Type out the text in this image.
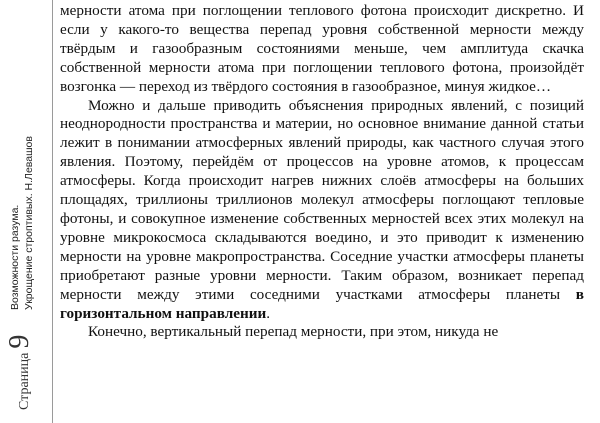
Страница
9
Возможности разума. Укрощение строптивых. Н.Левашов

мерности атома при поглощении теплового фотона происходит дискретно. И если у какого-то вещества перепад уровня собственной мерности между твёрдым и газообразным состояниями меньше, чем амплитуда скачка собственной мерности атома при поглощении теплового фотона, произойдёт возгонка — переход из твёрдого состояния в газообразное, минуя жидкое…

Можно и дальше приводить объяснения природных явлений, с позиций неоднородности пространства и материи, но основное внимание данной статьи лежит в понимании атмосферных явлений природы, как частного случая этого явления. Поэтому, перейдём от процессов на уровне атомов, к процессам атмосферы. Когда происходит нагрев нижних слоёв атмосферы на больших площадях, триллионы триллионов молекул атмосферы поглощают тепловые фотоны, и совокупное изменение собственных мерностей всех этих молекул на уровне микрокосмоса складываются воедино, и это приводит к изменению мерности на уровне макропространства. Соседние участки атмосферы планеты приобретают разные уровни мерности. Таким образом, возникает перепад мерности между этими соседними участками атмосферы планеты в горизонтальном направлении.

Конечно, вертикальный перепад мерности, при этом, никуда не
